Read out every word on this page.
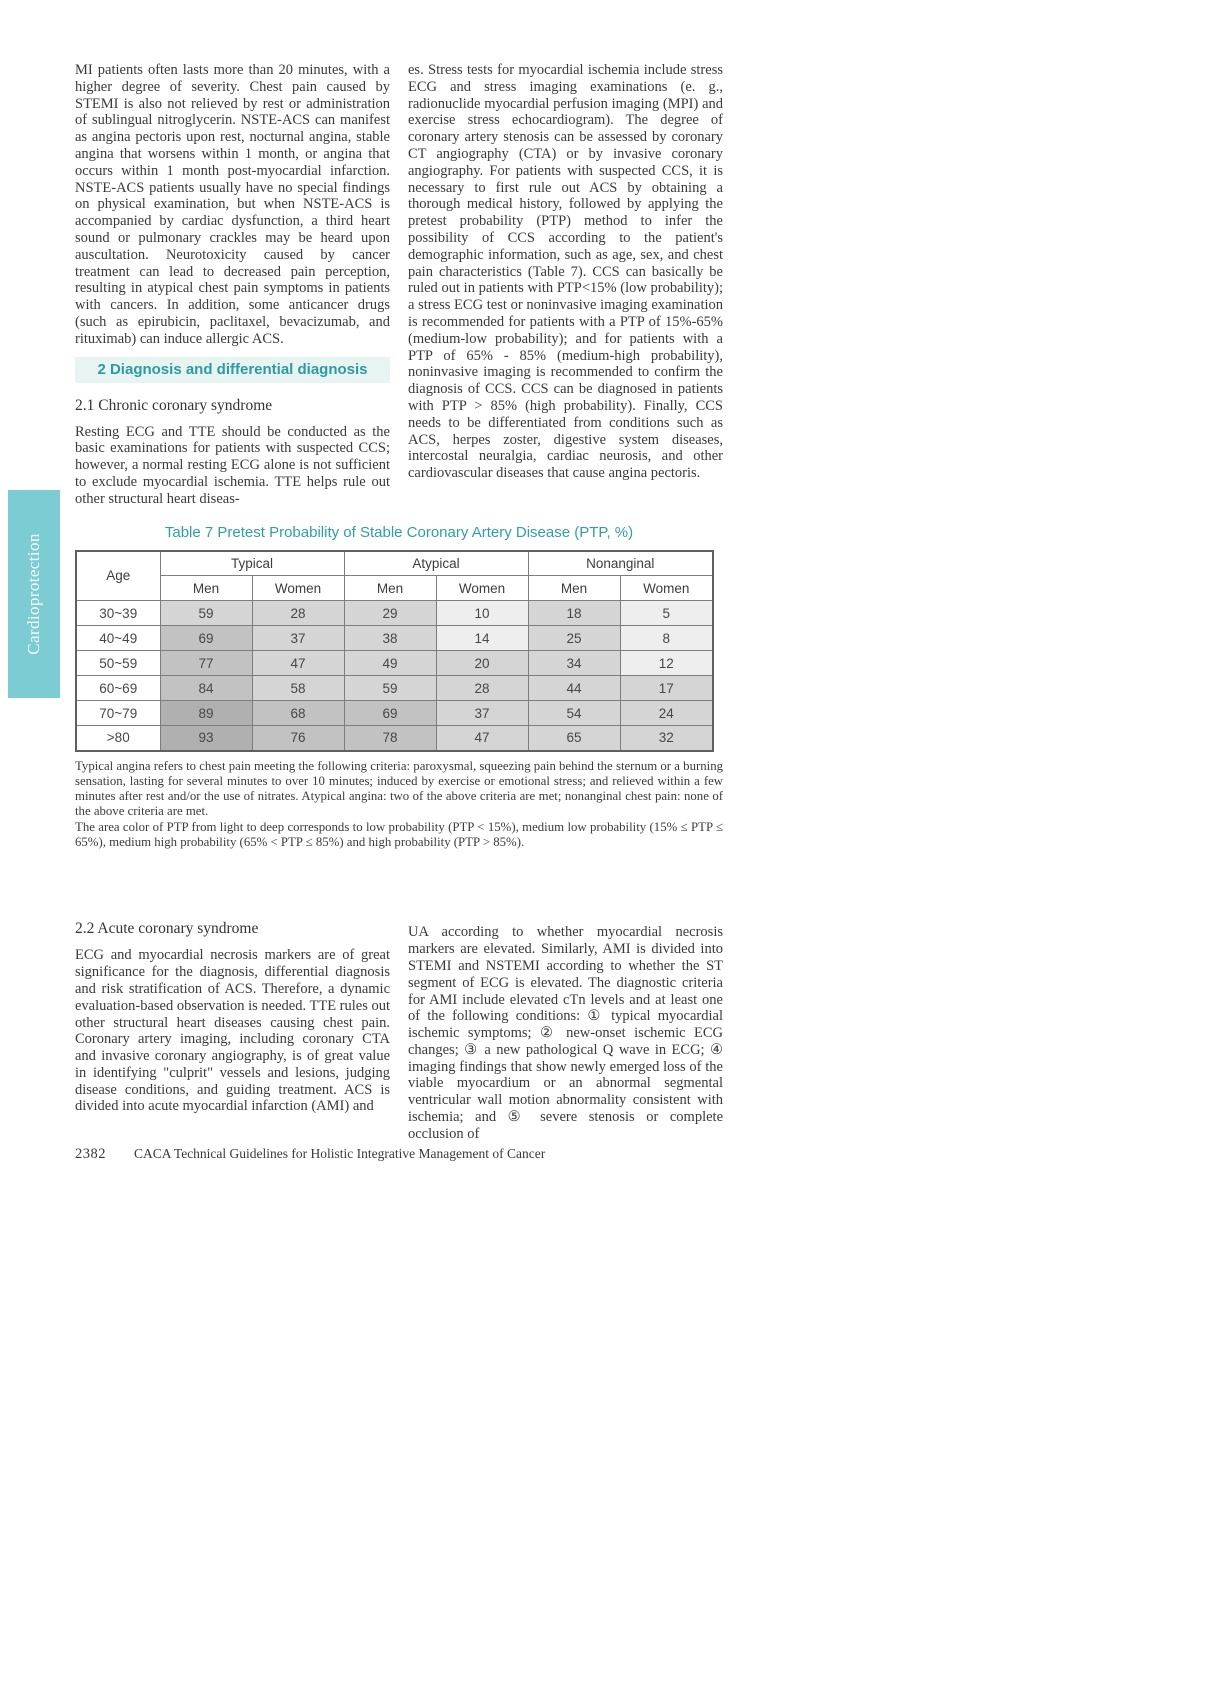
Cardioprotection

MI patients often lasts more than 20 minutes, with a higher degree of severity. Chest pain caused by STEMI is also not relieved by rest or administration of sublingual nitroglycerin. NSTE-ACS can manifest as angina pectoris upon rest, nocturnal angina, stable angina that worsens within 1 month, or angina that occurs within 1 month post-myocardial infarction. NSTE-ACS patients usually have no special findings on physical examination, but when NSTE-ACS is accompanied by cardiac dysfunction, a third heart sound or pulmonary crackles may be heard upon auscultation. Neurotoxicity caused by cancer treatment can lead to decreased pain perception, resulting in atypical chest pain symptoms in patients with cancers. In addition, some anticancer drugs (such as epirubicin, paclitaxel, bevacizumab, and rituximab) can induce allergic ACS.

2 Diagnosis and differential diagnosis
2.1 Chronic coronary syndrome

Resting ECG and TTE should be conducted as the basic examinations for patients with suspected CCS; however, a normal resting ECG alone is not sufficient to exclude myocardial ischemia. TTE helps rule out other structural heart diseas-

es. Stress tests for myocardial ischemia include stress ECG and stress imaging examinations (e. g., radionuclide myocardial perfusion imaging (MPI) and exercise stress echocardiogram). The degree of coronary artery stenosis can be assessed by coronary CT angiography (CTA) or by invasive coronary angiography. For patients with suspected CCS, it is necessary to first rule out ACS by obtaining a thorough medical history, followed by applying the pretest probability (PTP) method to infer the possibility of CCS according to the patient's demographic information, such as age, sex, and chest pain characteristics (Table 7). CCS can basically be ruled out in patients with PTP<15% (low probability); a stress ECG test or noninvasive imaging examination is recommended for patients with a PTP of 15%-65% (medium-low probability); and for patients with a PTP of 65% - 85% (medium-high probability), noninvasive imaging is recommended to confirm the diagnosis of CCS. CCS can be diagnosed in patients with PTP > 85% (high probability). Finally, CCS needs to be differentiated from conditions such as ACS, herpes zoster, digestive system diseases, intercostal neuralgia, cardiac neurosis, and other cardiovascular diseases that cause angina pectoris.

Table 7 Pretest Probability of Stable Coronary Artery Disease (PTP, %)
Age	Typical		Atypical		Nonanginal	
	Men	Women	Men	Women	Men	Women
30~39	59	28	29	10	18	5
40~49	69	37	38	14	25	8
50~59	77	47	49	20	34	12
60~69	84	58	59	28	44	17
70~79	89	68	69	37	54	24
>80	93	76	78	47	65	32

Typical angina refers to chest pain meeting the following criteria: paroxysmal, squeezing pain behind the sternum or a burning sensation, lasting for several minutes to over 10 minutes; induced by exercise or emotional stress; and relieved within a few minutes after rest and/or the use of nitrates. Atypical angina: two of the above criteria are met; nonanginal chest pain: none of the above criteria are met.

The area color of PTP from light to deep corresponds to low probability (PTP < 15%), medium low probability (15% ≤ PTP ≤ 65%), medium high probability (65% < PTP ≤ 85%) and high probability (PTP > 85%).

2.2 Acute coronary syndrome

ECG and myocardial necrosis markers are of great significance for the diagnosis, differential diagnosis and risk stratification of ACS. Therefore, a dynamic evaluation-based observation is needed. TTE rules out other structural heart diseases causing chest pain. Coronary artery imaging, including coronary CTA and invasive coronary angiography, is of great value in identifying "culprit" vessels and lesions, judging disease conditions, and guiding treatment. ACS is divided into acute myocardial infarction (AMI) and

UA according to whether myocardial necrosis markers are elevated. Similarly, AMI is divided into STEMI and NSTEMI according to whether the ST segment of ECG is elevated. The diagnostic criteria for AMI include elevated cTn levels and at least one of the following conditions: ① typical myocardial ischemic symptoms; ② new-onset ischemic ECG changes; ③ a new pathological Q wave in ECG; ④ imaging findings that show newly emerged loss of the viable myocardium or an abnormal segmental ventricular wall motion abnormality consistent with ischemia; and ⑤ severe stenosis or complete occlusion of

2382 CACA Technical Guidelines for Holistic Integrative Management of Cancer
